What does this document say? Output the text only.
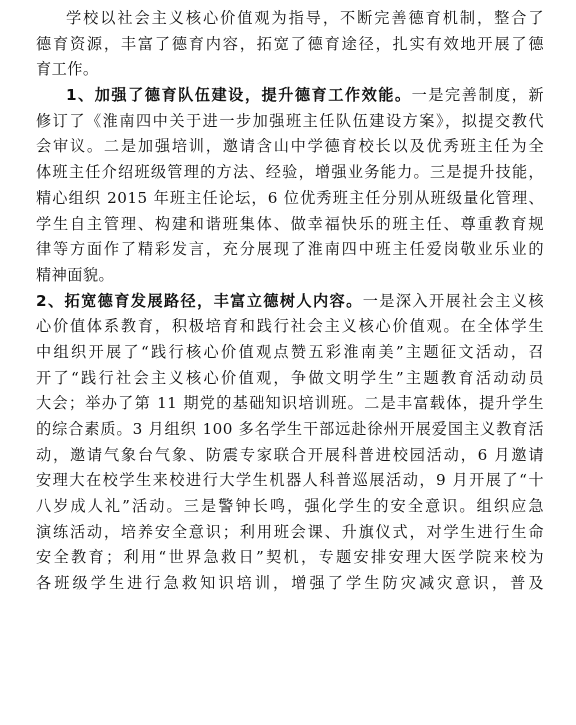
学校以社会主义核心价值观为指导，不断完善德育机制，整合了
德育资源，丰富了德育内容，拓宽了德育途径，扎实有效地开展了德
育工作。
1、加强了德育队伍建设，提升德育工作效能。一是完善制度，新
修订了《淮南四中关于进一步加强班主任队伍建设方案》，拟提交教代
会审议。二是加强培训，邀请含山中学德育校长以及优秀班主任为全
体班主任介绍班级管理的方法、经验，增强业务能力。三是提升技能，
精心组织 2015 年班主任论坛，6 位优秀班主任分别从班级量化管理、
学生自主管理、构建和谐班集体、做幸福快乐的班主任、尊重教育规
律等方面作了精彩发言，充分展现了淮南四中班主任爱岗敬业乐业的
精神面貌。
2、拓宽德育发展路径，丰富立德树人内容。一是深入开展社会主义核
心价值体系教育，积极培育和践行社会主义核心价值观。在全体学生
中组织开展了“践行核心价值观点赞五彩淮南美”主题征文活动，召
开了“践行社会主义核心价值观，争做文明学生”主题教育活动动员
大会；举办了第 11 期党的基础知识培训班。二是丰富载体，提升学生
的综合素质。3 月组织 100 多名学生干部远赴徐州开展爱国主义教育活
动，邀请气象台气象、防震专家联合开展科普进校园活动，6 月邀请
安理大在校学生来校进行大学生机器人科普巡展活动，9 月开展了“十
八岁成人礼”活动。三是警钟长鸣，强化学生的安全意识。组织应急
演练活动，培养安全意识；利用班会课、升旗仪式，对学生进行生命
安全教育；利用“世界急救日”契机，专题安排安理大医学院来校为
各班级学生进行急救知识培训，增强了学生防灾减灾意识，普及
